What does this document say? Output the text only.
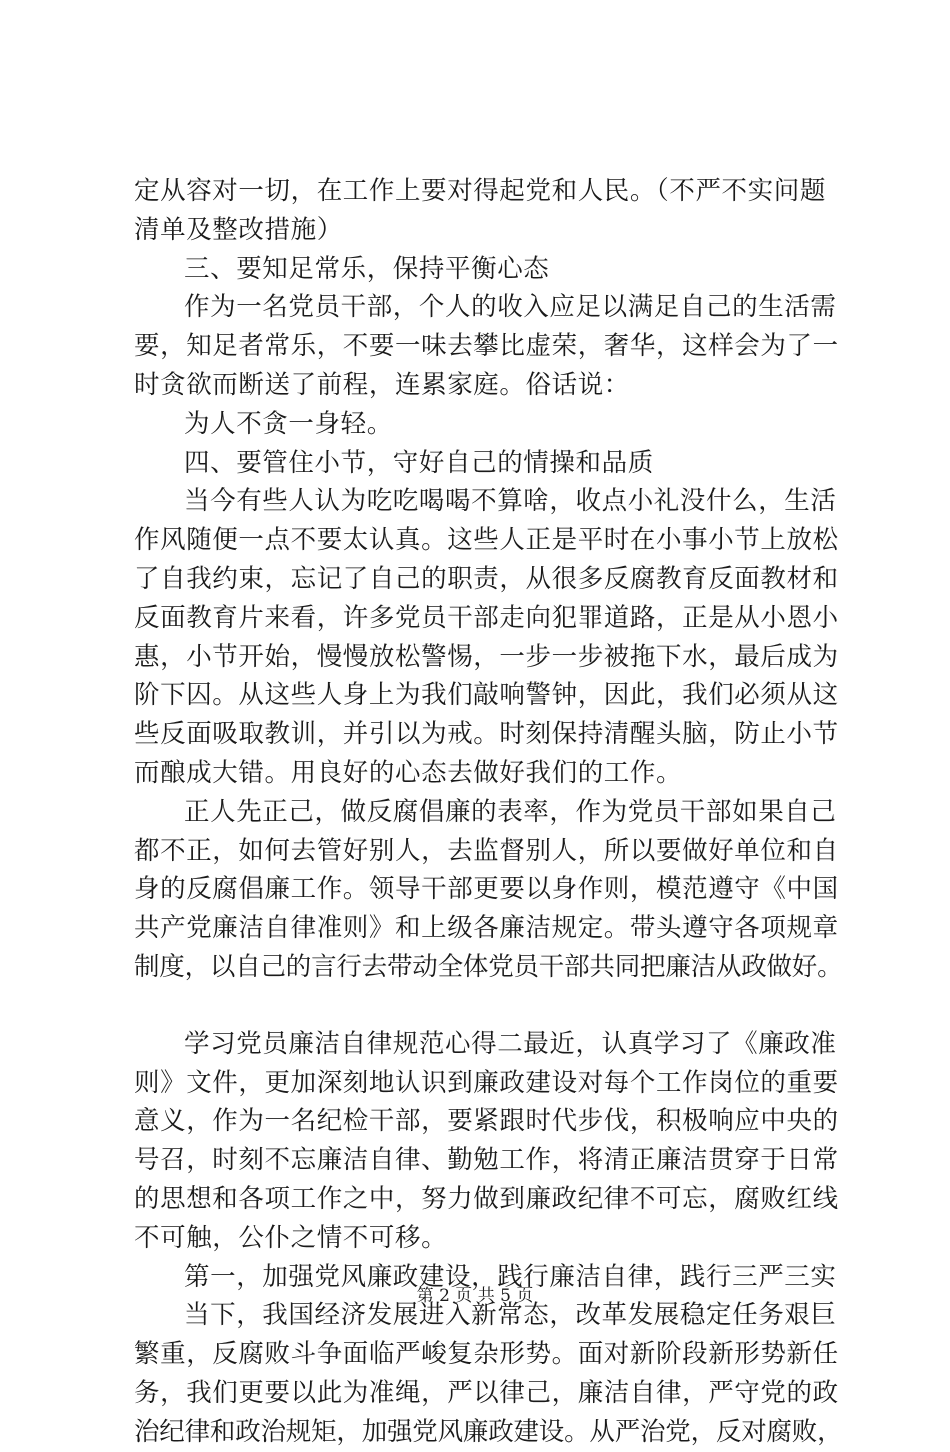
定从容对一切，在工作上要对得起党和人民。（不严不实问题
清单及整改措施）
三、要知足常乐，保持平衡心态
作为一名党员干部，个人的收入应足以满足自己的生活需
要，知足者常乐，不要一味去攀比虚荣，奢华，这样会为了一
时贪欲而断送了前程，连累家庭。俗话说：
为人不贪一身轻。
四、要管住小节，守好自己的情操和品质
当今有些人认为吃吃喝喝不算啥，收点小礼没什么，生活
作风随便一点不要太认真。这些人正是平时在小事小节上放松
了自我约束，忘记了自己的职责，从很多反腐教育反面教材和
反面教育片来看，许多党员干部走向犯罪道路，正是从小恩小
惠，小节开始，慢慢放松警惕，一步一步被拖下水，最后成为
阶下囚。从这些人身上为我们敲响警钟，因此，我们必须从这
些反面吸取教训，并引以为戒。时刻保持清醒头脑，防止小节
而酿成大错。用良好的心态去做好我们的工作。
正人先正己，做反腐倡廉的表率，作为党员干部如果自己
都不正，如何去管好别人，去监督别人，所以要做好单位和自
身的反腐倡廉工作。领导干部更要以身作则，模范遵守《中国
共产党廉洁自律准则》和上级各廉洁规定。带头遵守各项规章
制度，以自己的言行去带动全体党员干部共同把廉洁从政做好。
学习党员廉洁自律规范心得二最近，认真学习了《廉政准
则》文件，更加深刻地认识到廉政建设对每个工作岗位的重要
意义，作为一名纪检干部，要紧跟时代步伐，积极响应中央的
号召，时刻不忘廉洁自律、勤勉工作，将清正廉洁贯穿于日常
的思想和各项工作之中，努力做到廉政纪律不可忘，腐败红线
不可触，公仆之情不可移。
第一，加强党风廉政建设，践行廉洁自律，践行三严三实
当下，我国经济发展进入新常态，改革发展稳定任务艰巨
繁重，反腐败斗争面临严峻复杂形势。面对新阶段新形势新任
务，我们更要以此为准绳，严以律己，廉洁自律，严守党的政
治纪律和政治规矩，加强党风廉政建设。从严治党，反对腐败，
第 2 页 共 5 页
